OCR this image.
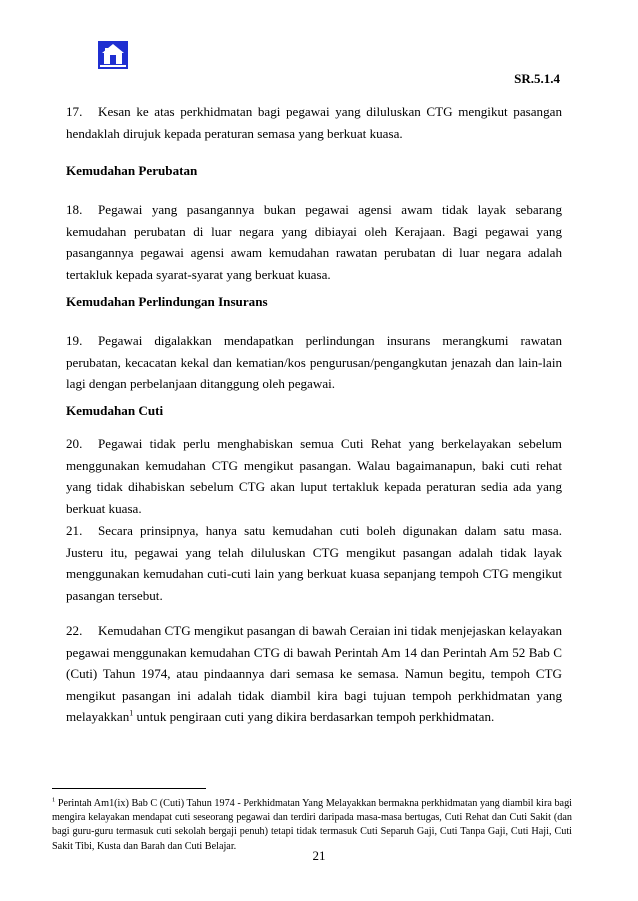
SR.5.1.4

17. Kesan ke atas perkhidmatan bagi pegawai yang diluluskan CTG mengikut pasangan hendaklah dirujuk kepada peraturan semasa yang berkuat kuasa.

Kemudahan Perubatan

18. Pegawai yang pasangannya bukan pegawai agensi awam tidak layak sebarang kemudahan perubatan di luar negara yang dibiayai oleh Kerajaan. Bagi pegawai yang pasangannya pegawai agensi awam kemudahan rawatan perubatan di luar negara adalah tertakluk kepada syarat-syarat yang berkuat kuasa.

Kemudahan Perlindungan Insurans

19. Pegawai digalakkan mendapatkan perlindungan insurans merangkumi rawatan perubatan, kecacatan kekal dan kematian/kos pengurusan/pengangkutan jenazah dan lain-lain lagi dengan perbelanjaan ditanggung oleh pegawai.

Kemudahan Cuti

20. Pegawai tidak perlu menghabiskan semua Cuti Rehat yang berkelayakan sebelum menggunakan kemudahan CTG mengikut pasangan. Walau bagaimanapun, baki cuti rehat yang tidak dihabiskan sebelum CTG akan luput tertakluk kepada peraturan sedia ada yang berkuat kuasa.

21. Secara prinsipnya, hanya satu kemudahan cuti boleh digunakan dalam satu masa. Justeru itu, pegawai yang telah diluluskan CTG mengikut pasangan adalah tidak layak menggunakan kemudahan cuti-cuti lain yang berkuat kuasa sepanjang tempoh CTG mengikut pasangan tersebut.

22. Kemudahan CTG mengikut pasangan di bawah Ceraian ini tidak menjejaskan kelayakan pegawai menggunakan kemudahan CTG di bawah Perintah Am 14 dan Perintah Am 52 Bab C (Cuti) Tahun 1974, atau pindaannya dari semasa ke semasa. Namun begitu, tempoh CTG mengikut pasangan ini adalah tidak diambil kira bagi tujuan tempoh perkhidmatan yang melayakkan$^1$ untuk pengiraan cuti yang dikira berdasarkan tempoh perkhidmatan.

$^1$ Perintah Am1(ix) Bab C (Cuti) Tahun 1974 - Perkhidmatan Yang Melayakkan bermakna perkhidmatan yang diambil kira bagi mengira kelayakan mendapat cuti seseorang pegawai dan terdiri daripada masa-masa bertugas, Cuti Rehat dan Cuti Sakit (dan bagi guru-guru termasuk cuti sekolah bergaji penuh) tetapi tidak termasuk Cuti Separuh Gaji, Cuti Tanpa Gaji, Cuti Haji, Cuti Sakit Tibi, Kusta dan Barah dan Cuti Belajar.

21
